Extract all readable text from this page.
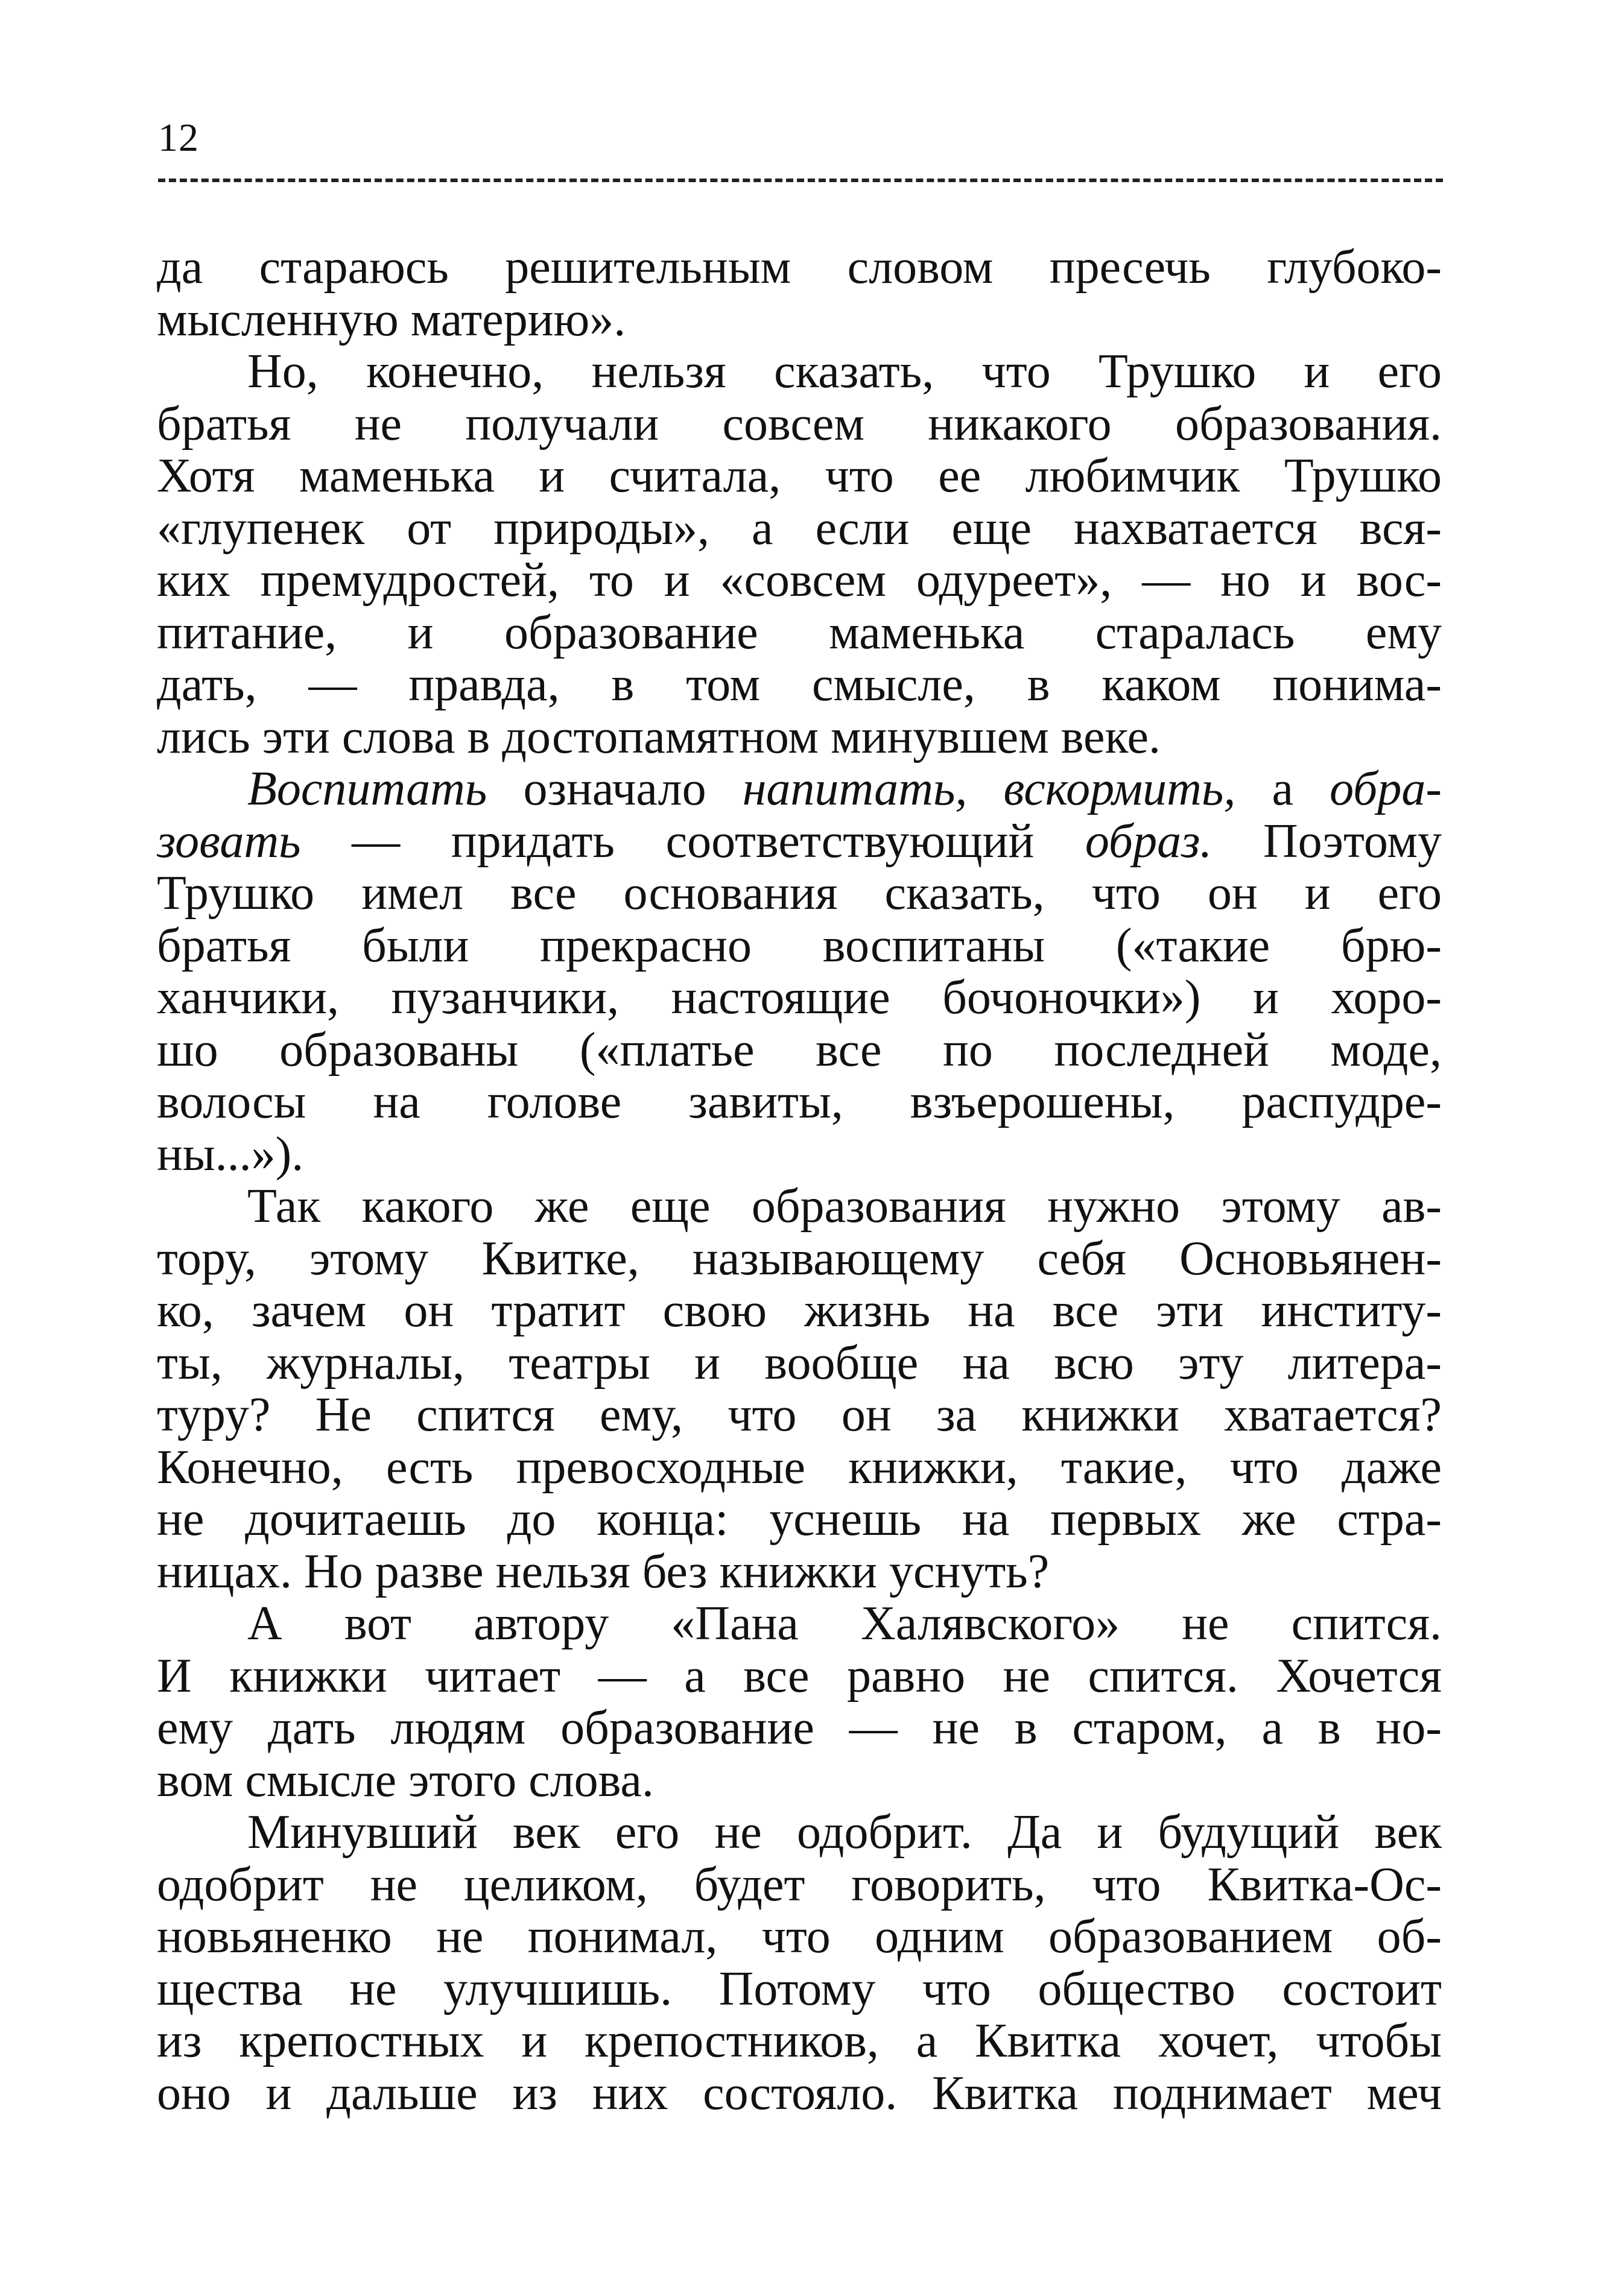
12
да стараюсь решительным словом пресечь глубоко-
мысленную материю».
Но, конечно, нельзя сказать, что Трушко и его
братья не получали совсем никакого образования.
Хотя маменька и считала, что ее любимчик Трушко
«глупенек от природы», а если еще нахватается вся-
ких премудростей, то и «совсем одуреет», — но и вос-
питание, и образование маменька старалась ему
дать, — правда, в том смысле, в каком понима-
лись эти слова в достопамятном минувшем веке.
Воспитать означало напитать, вскормить, а обра-
зовать — придать соответствующий образ. Поэтому
Трушко имел все основания сказать, что он и его
братья были прекрасно воспитаны («такие брю-
ханчики, пузанчики, настоящие бочоночки») и хоро-
шо образованы («платье все по последней моде,
волосы на голове завиты, взъерошены, распудре-
ны...»).
Так какого же еще образования нужно этому ав-
тору, этому Квитке, называющему себя Основьянен-
ко, зачем он тратит свою жизнь на все эти институ-
ты, журналы, театры и вообще на всю эту литера-
туру? Не спится ему, что он за книжки хватается?
Конечно, есть превосходные книжки, такие, что даже
не дочитаешь до конца: уснешь на первых же стра-
ницах. Но разве нельзя без книжки уснуть?
А вот автору «Пана Халявского» не спится.
И книжки читает — а все равно не спится. Хочется
ему дать людям образование — не в старом, а в но-
вом смысле этого слова.
Минувший век его не одобрит. Да и будущий век
одобрит не целиком, будет говорить, что Квитка-Ос-
новьяненко не понимал, что одним образованием об-
щества не улучшишь. Потому что общество состоит
из крепостных и крепостников, а Квитка хочет, чтобы
оно и дальше из них состояло. Квитка поднимает меч
